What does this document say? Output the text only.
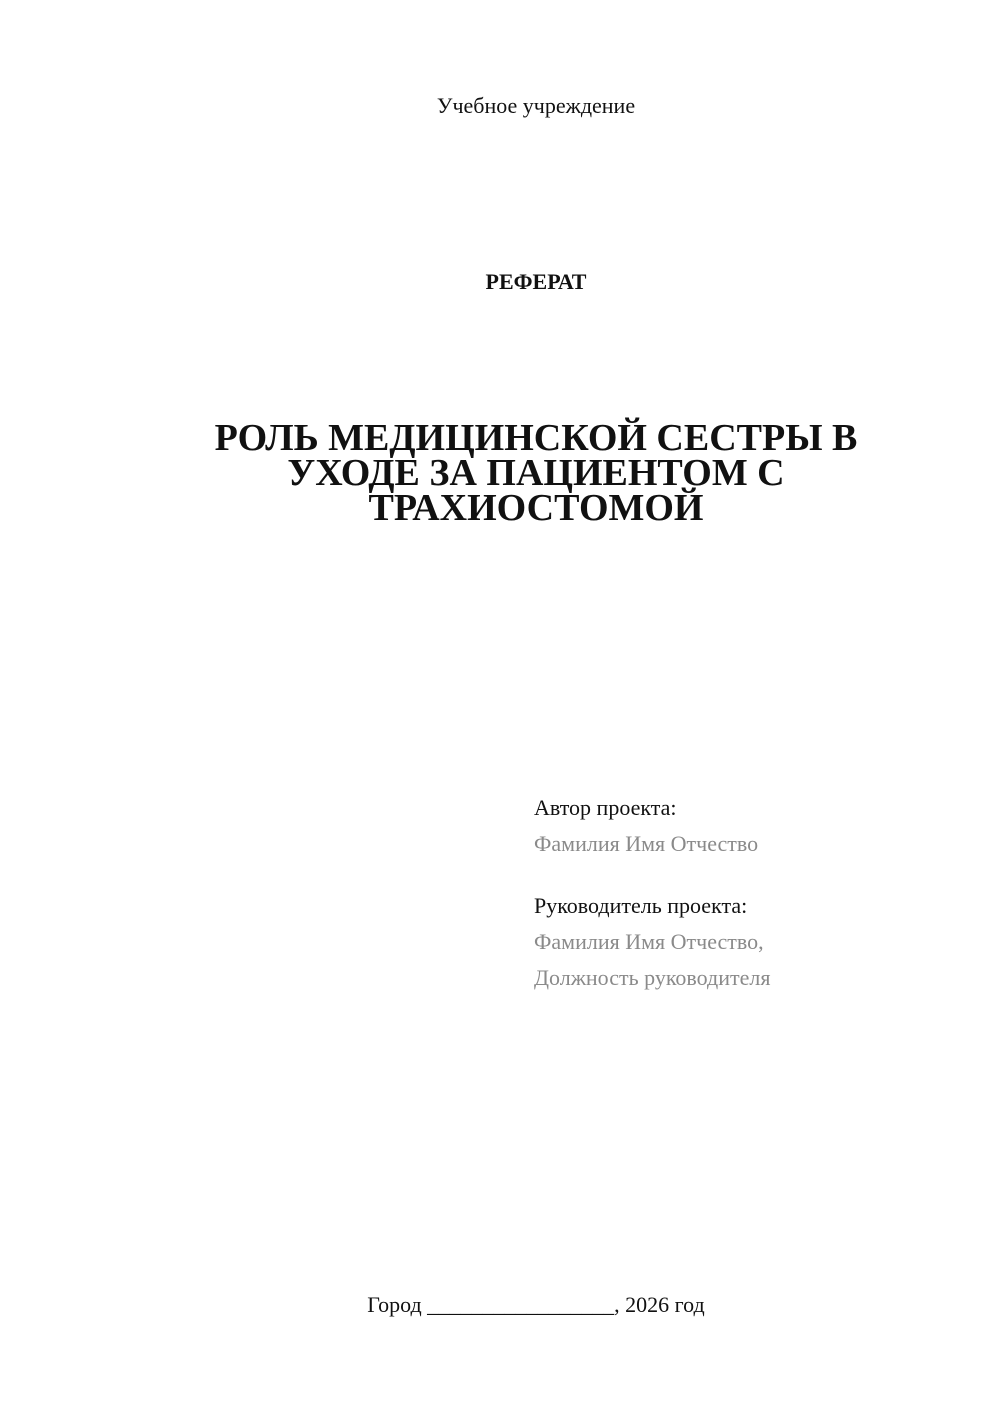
Учебное учреждение
РЕФЕРАТ
РОЛЬ МЕДИЦИНСКОЙ СЕСТРЫ В
УХОДЕ ЗА ПАЦИЕНТОМ С
ТРАХИОСТОМОЙ
Автор проекта:
Фамилия Имя Отчество
Руководитель проекта:
Фамилия Имя Отчество,
Должность руководителя
Город _________________, 2026 год
